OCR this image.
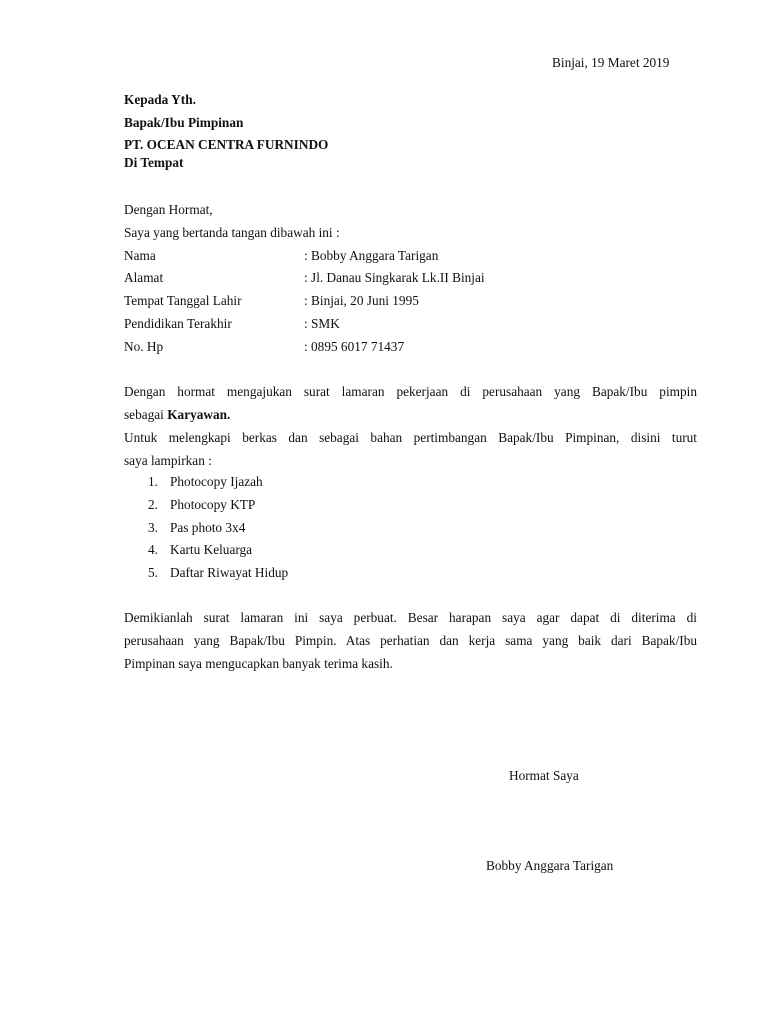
Binjai, 19 Maret 2019
Kepada Yth.
Bapak/Ibu Pimpinan
PT. OCEAN CENTRA FURNINDO
Di Tempat
Dengan Hormat,
Saya yang bertanda tangan dibawah ini :
Nama	: Bobby Anggara Tarigan
Alamat	: Jl. Danau Singkarak Lk.II Binjai
Tempat Tanggal Lahir	: Binjai, 20 Juni 1995
Pendidikan Terakhir	: SMK
No. Hp	: 0895 6017 71437
Dengan hormat mengajukan surat lamaran pekerjaan di perusahaan yang Bapak/Ibu pimpin
sebagai Karyawan.
Untuk melengkapi berkas dan sebagai bahan pertimbangan Bapak/Ibu Pimpinan, disini turut
saya lampirkan :
1. Photocopy Ijazah
2. Photocopy KTP
3. Pas photo 3x4
4. Kartu Keluarga
5. Daftar Riwayat Hidup
Demikianlah surat lamaran ini saya perbuat. Besar harapan saya agar dapat di diterima di
perusahaan yang Bapak/Ibu Pimpin. Atas perhatian dan kerja sama yang baik dari Bapak/Ibu
Pimpinan saya mengucapkan banyak terima kasih.
Hormat Saya
Bobby Anggara Tarigan
